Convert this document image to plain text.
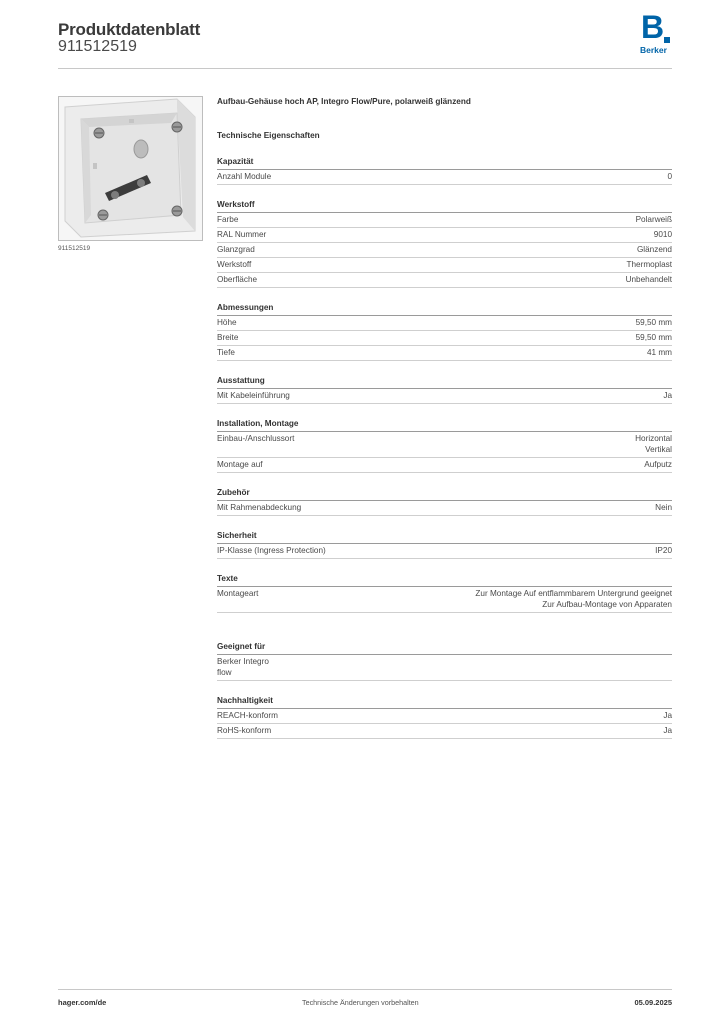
Produktdatenblatt
911512519
B
Berker
911512519
Aufbau-Gehäuse hoch AP, Integro Flow/Pure, polarweiß glänzend
Technische Eigenschaften
Kapazität
Anzahl Module	0
Werkstoff
Farbe	Polarweiß
RAL Nummer	9010
Glanzgrad	Glänzend
Werkstoff	Thermoplast
Oberfläche	Unbehandelt
Abmessungen
Höhe	59,50 mm
Breite	59,50 mm
Tiefe	41 mm
Ausstattung
Mit Kabeleinführung	Ja
Installation, Montage
Einbau-/Anschlussort	Horizontal
Vertikal
Montage auf	Aufputz
Zubehör
Mit Rahmenabdeckung	Nein
Sicherheit
IP-Klasse (Ingress Protection)	IP20
Texte
Montageart	Zur Montage Auf entflammbarem Untergrund geeignet
Zur Aufbau-Montage von Apparaten
Geeignet für
Berker Integro
flow
Nachhaltigkeit
REACH-konform	Ja
RoHS-konform	Ja
hager.com/de	Technische Änderungen vorbehalten	05.09.2025
